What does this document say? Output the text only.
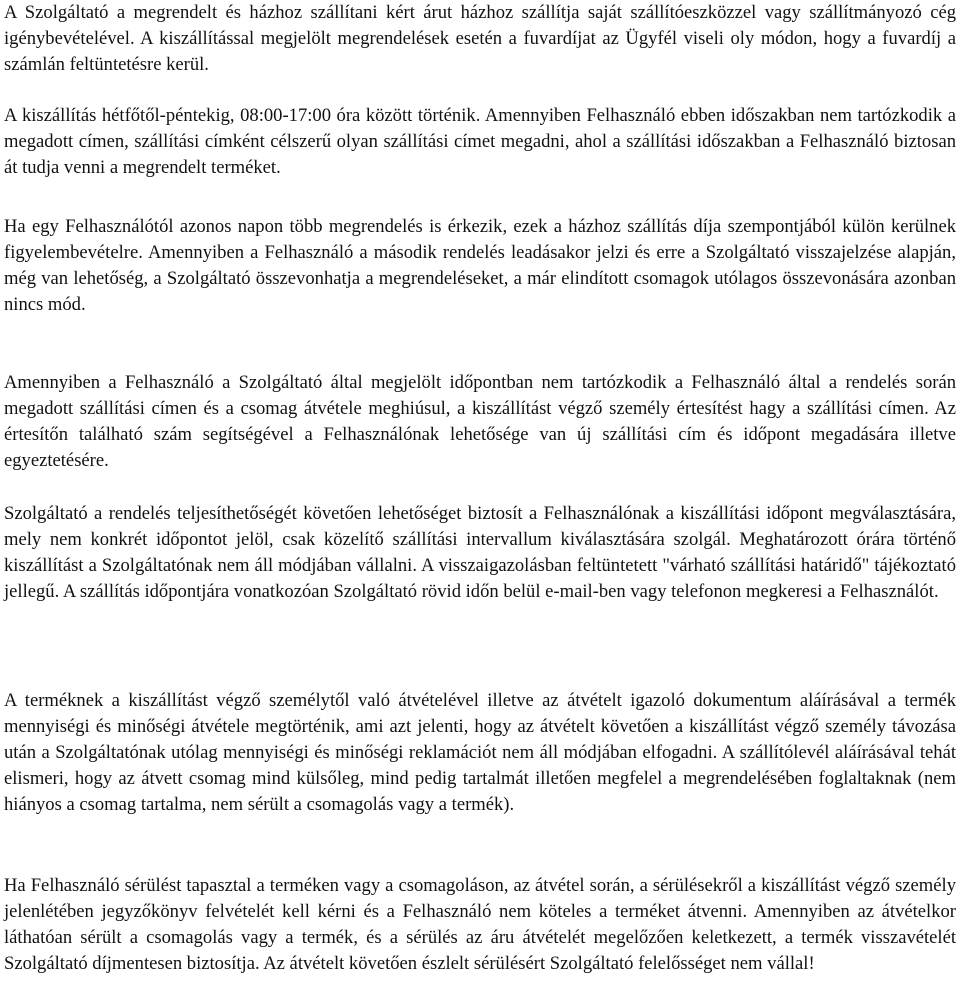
A Szolgáltató a megrendelt és házhoz szállítani kért árut házhoz szállítja saját szállítóeszközzel vagy szállítmányozó cég igénybevételével. A kiszállítással megjelölt megrendelések esetén a fuvardíjat az Ügyfél viseli oly módon, hogy a fuvardíj a számlán feltüntetésre kerül.

A kiszállítás hétfőtől-péntekig, 08:00-17:00 óra között történik. Amennyiben Felhasználó ebben időszakban nem tartózkodik a megadott címen, szállítási címként célszerű olyan szállítási címet megadni, ahol a szállítási időszakban a Felhasználó biztosan át tudja venni a megrendelt terméket.

Ha egy Felhasználótól azonos napon több megrendelés is érkezik, ezek a házhoz szállítás díja szempontjából külön kerülnek figyelembevételre. Amennyiben a Felhasználó a második rendelés leadásakor jelzi és erre a Szolgáltató visszajelzése alapján, még van lehetőség, a Szolgáltató összevonhatja a megrendeléseket, a már elindított csomagok utólagos összevonására azonban nincs mód.

Amennyiben a Felhasználó a Szolgáltató által megjelölt időpontban nem tartózkodik a Felhasználó által a rendelés során megadott szállítási címen és a csomag átvétele meghiúsul, a kiszállítást végző személy értesítést hagy a szállítási címen. Az értesítőn található szám segítségével a Felhasználónak lehetősége van új szállítási cím és időpont megadására illetve egyeztetésére.

Szolgáltató a rendelés teljesíthetőségét követően lehetőséget biztosít a Felhasználónak a kiszállítási időpont megválasztására, mely nem konkrét időpontot jelöl, csak közelítő szállítási intervallum kiválasztására szolgál. Meghatározott órára történő kiszállítást a Szolgáltatónak nem áll módjában vállalni. A visszaigazolásban feltüntetett "várható szállítási határidő" tájékoztató jellegű. A szállítás időpontjára vonatkozóan Szolgáltató rövid időn belül e-mail-ben vagy telefonon megkeresi a Felhasználót.

A terméknek a kiszállítást végző személytől való átvételével illetve az átvételt igazoló dokumentum aláírásával a termék mennyiségi és minőségi átvétele megtörténik, ami azt jelenti, hogy az átvételt követően a kiszállítást végző személy távozása után a Szolgáltatónak utólag mennyiségi és minőségi reklamációt nem áll módjában elfogadni. A szállítólevél aláírásával tehát elismeri, hogy az átvett csomag mind külsőleg, mind pedig tartalmát illetően megfelel a megrendelésében foglaltaknak (nem hiányos a csomag tartalma, nem sérült a csomagolás vagy a termék).

Ha Felhasználó sérülést tapasztal a terméken vagy a csomagoláson, az átvétel során, a sérülésekről a kiszállítást végző személy jelenlétében jegyzőkönyv felvételét kell kérni és a Felhasználó nem köteles a terméket átvenni. Amennyiben az átvételkor láthatóan sérült a csomagolás vagy a termék, és a sérülés az áru átvételét megelőzően keletkezett, a termék visszavételét Szolgáltató díjmentesen biztosítja. Az átvételt követően észlelt sérülésért Szolgáltató felelősséget nem vállal!
